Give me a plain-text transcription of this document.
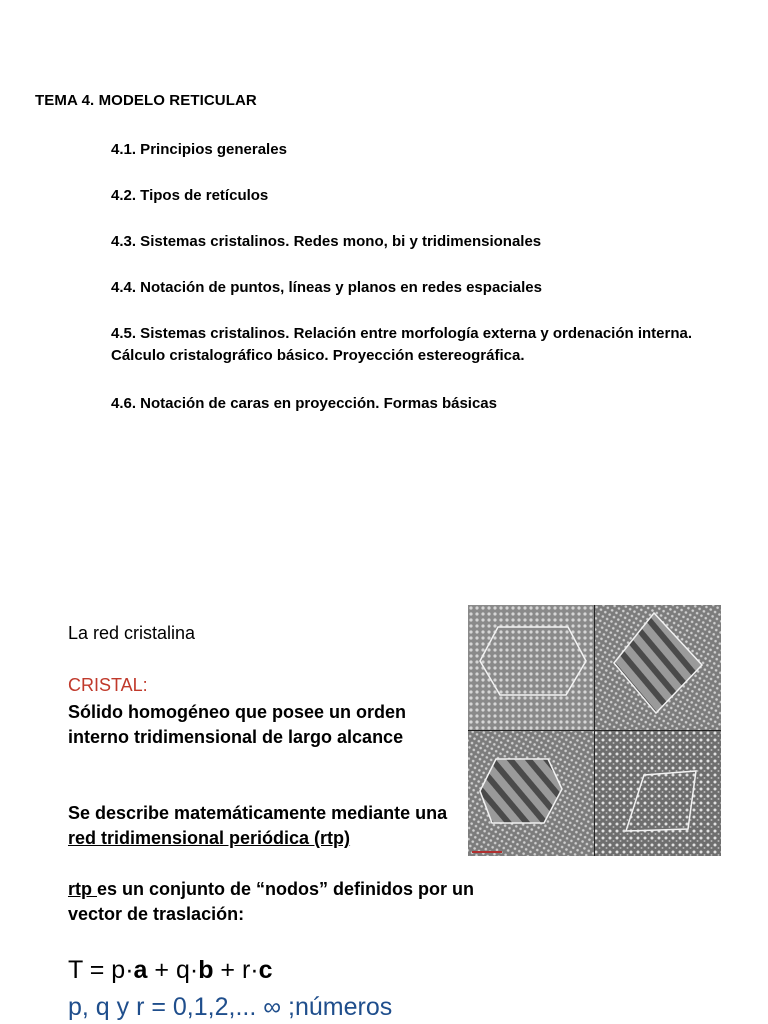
TEMA 4. MODELO RETICULAR
4.1. Principios generales
4.2. Tipos de retículos
4.3. Sistemas cristalinos. Redes mono, bi y tridimensionales
4.4. Notación de puntos, líneas y planos en redes espaciales
4.5. Sistemas cristalinos. Relación entre morfología externa y ordenación interna. Cálculo cristalográfico básico. Proyección estereográfica.
4.6. Notación de caras en proyección. Formas básicas
La red cristalina
CRISTAL:
Sólido homogéneo que posee un orden interno tridimensional de largo alcance
Se describe matemáticamente mediante una
red tridimensional periódica (rtp)
rtp es un conjunto de “nodos” definidos por un vector de traslación:
T = p·a + q·b + r·c
p, q y r = 0,1,2,... ∞ ;números
